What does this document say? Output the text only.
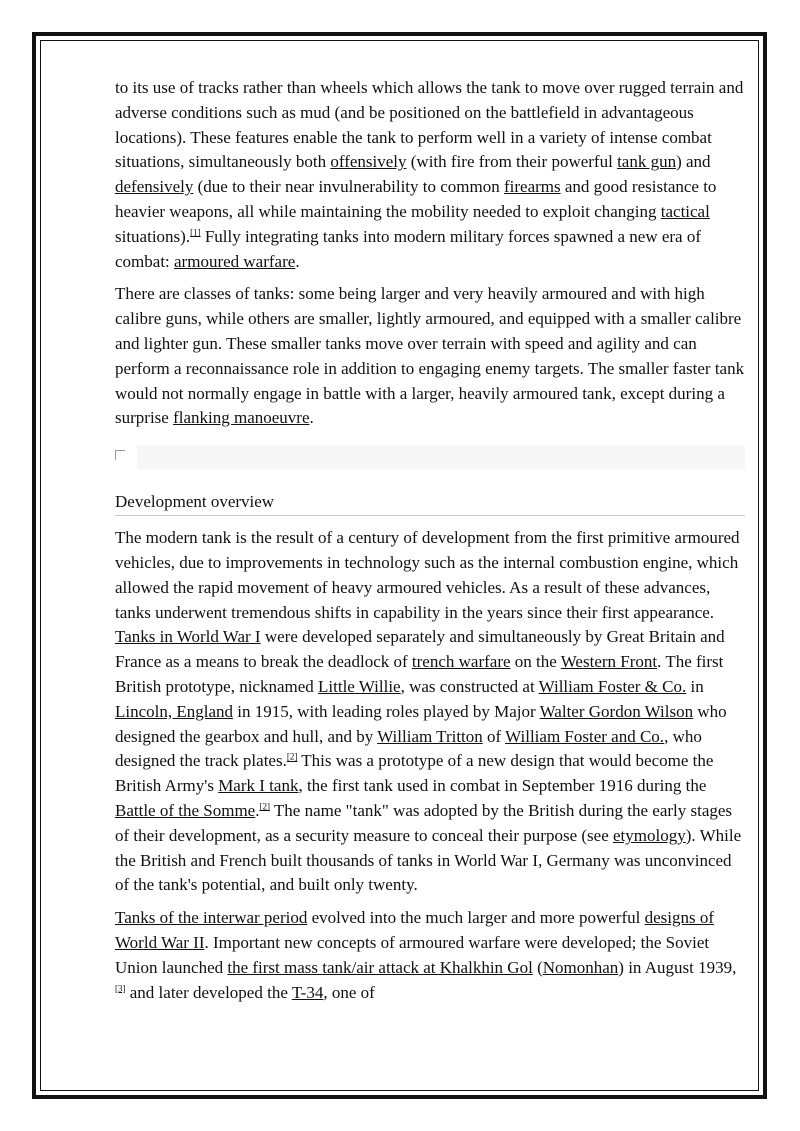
to its use of tracks rather than wheels which allows the tank to move over rugged terrain and adverse conditions such as mud (and be positioned on the battlefield in advantageous locations). These features enable the tank to perform well in a variety of intense combat situations, simultaneously both offensively (with fire from their powerful tank gun) and defensively (due to their near invulnerability to common firearms and good resistance to heavier weapons, all while maintaining the mobility needed to exploit changing tactical situations).[1] Fully integrating tanks into modern military forces spawned a new era of combat: armoured warfare.

There are classes of tanks: some being larger and very heavily armoured and with high calibre guns, while others are smaller, lightly armoured, and equipped with a smaller calibre and lighter gun. These smaller tanks move over terrain with speed and agility and can perform a reconnaissance role in addition to engaging enemy targets. The smaller faster tank would not normally engage in battle with a larger, heavily armoured tank, except during a surprise flanking manoeuvre.

Development overview

The modern tank is the result of a century of development from the first primitive armoured vehicles, due to improvements in technology such as the internal combustion engine, which allowed the rapid movement of heavy armoured vehicles. As a result of these advances, tanks underwent tremendous shifts in capability in the years since their first appearance. Tanks in World War I were developed separately and simultaneously by Great Britain and France as a means to break the deadlock of trench warfare on the Western Front. The first British prototype, nicknamed Little Willie, was constructed at William Foster & Co. in Lincoln, England in 1915, with leading roles played by Major Walter Gordon Wilson who designed the gearbox and hull, and by William Tritton of William Foster and Co., who designed the track plates.[2] This was a prototype of a new design that would become the British Army's Mark I tank, the first tank used in combat in September 1916 during the Battle of the Somme.[2] The name "tank" was adopted by the British during the early stages of their development, as a security measure to conceal their purpose (see etymology). While the British and French built thousands of tanks in World War I, Germany was unconvinced of the tank's potential, and built only twenty.

Tanks of the interwar period evolved into the much larger and more powerful designs of World War II. Important new concepts of armoured warfare were developed; the Soviet Union launched the first mass tank/air attack at Khalkhin Gol (Nomonhan) in August 1939,[3] and later developed the T-34, one of
